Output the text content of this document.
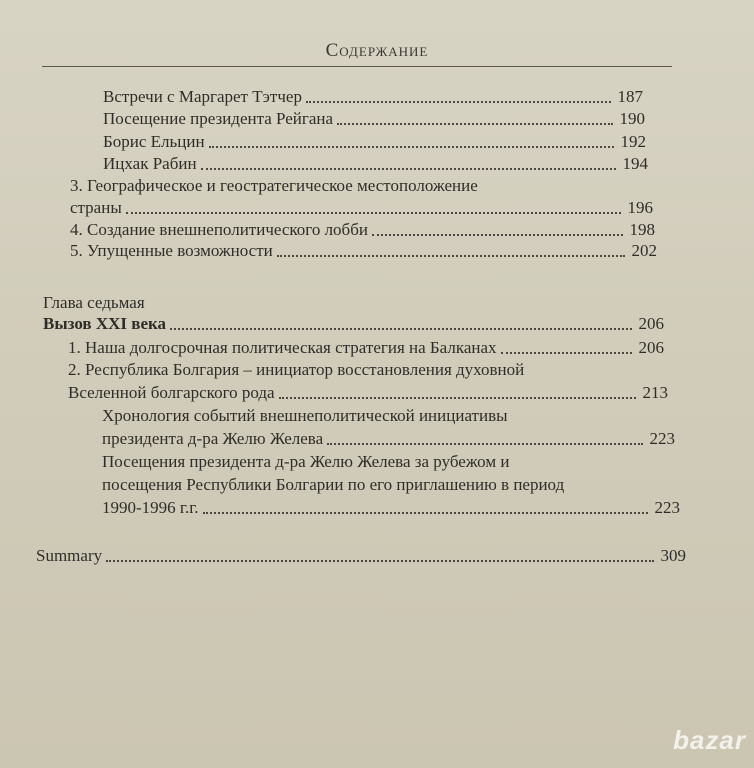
Содержание
Встречи с Маргарет Тэтчер	187
Посещение президента Рейгана	190
Борис Ельцин	192
Ицхак Рабин	194
3. Географическое и геостратегическое местоположение
страны	196
4. Создание внешнеполитического лобби	198
5. Упущенные возможности	202
Глава седьмая
Вызов XXI века	206
1. Наша долгосрочная политическая стратегия на Балканах	206
2. Республика Болгария – инициатор восстановления духовной
Вселенной болгарского рода	213
Хронология событий внешнеполитической инициативы
президента д-ра Желю Желева	223
Посещения президента д-ра Желю Желева за рубежом и
посещения Республики Болгарии по его приглашению в период
1990-1996 г.г.	223
Summary	309
bazar
